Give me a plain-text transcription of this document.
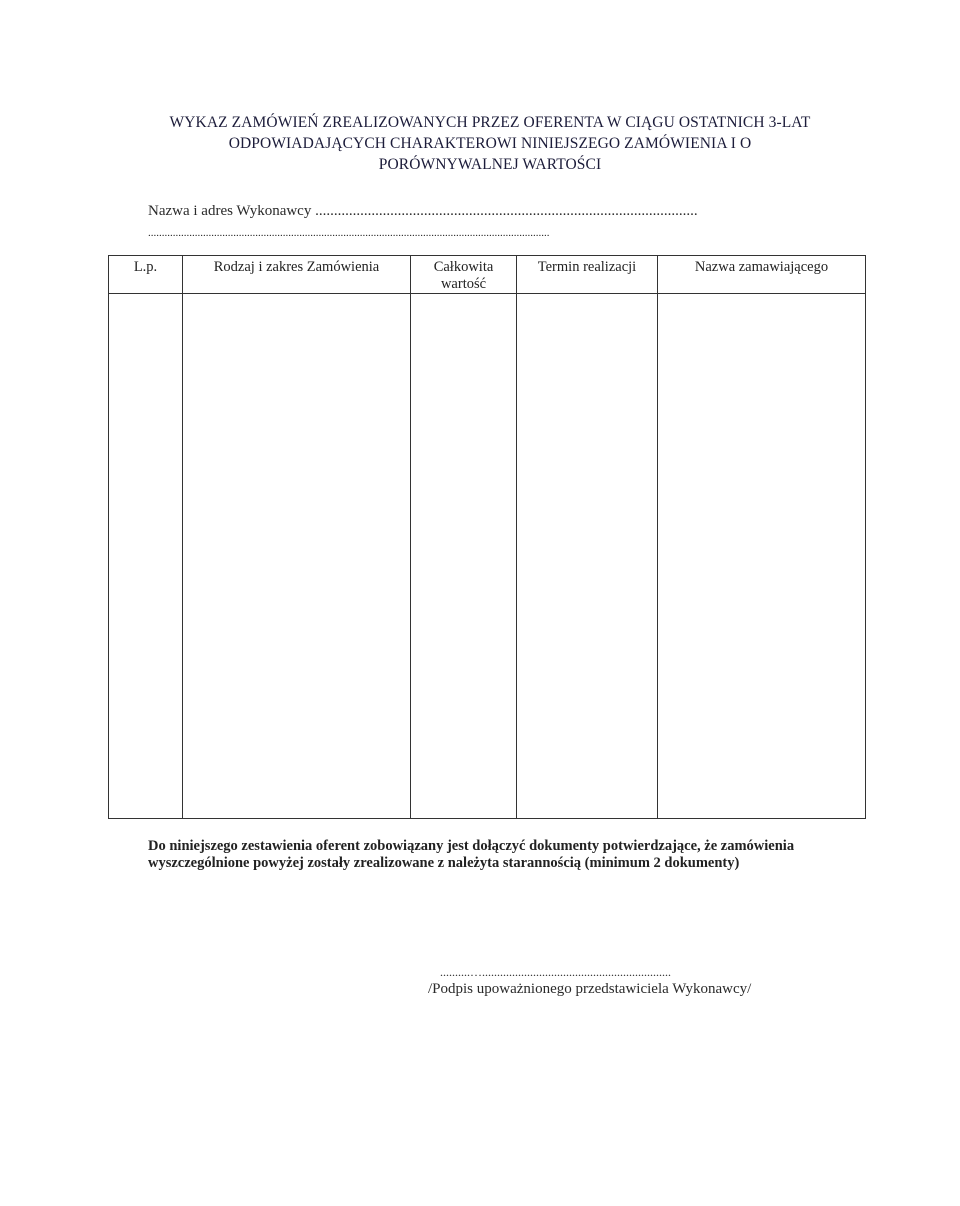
WYKAZ ZAMÓWIEŃ ZREALIZOWANYCH PRZEZ OFERENTA W CIĄGU OSTATNICH 3-LAT
ODPOWIADAJĄCYCH CHARAKTEROWI NINIEJSZEGO ZAMÓWIENIA I O
PORÓWNYWALNEJ WARTOŚCI
Nazwa i adres Wykonawcy ......................................................................................................
..................................................................................................................................................
L.p.	Rodzaj i zakres Zamówienia	Całkowita wartość	Termin realizacji	Nazwa zamawiającego

Do niniejszego zestawienia oferent zobowiązany jest dołączyć dokumenty potwierdzające, że zamówienia
wyszczególnione powyżej zostały zrealizowane z należyta starannością (minimum 2 dokumenty)
..........…...............................................................
/Podpis upoważnionego przedstawiciela Wykonawcy/
